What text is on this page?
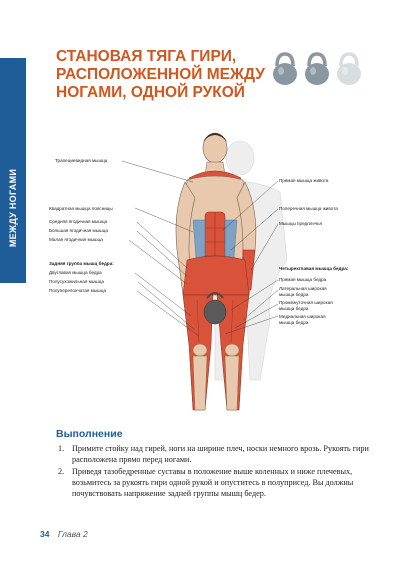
МЕЖДУ НОГАМИ
СТАНОВАЯ ТЯГА ГИРИ, РАСПОЛОЖЕННОЙ МЕЖДУ НОГАМИ, ОДНОЙ РУКОЙ
Трапециевидная мышца
Квадратная мышца поясницы
Средняя ягодичная мышца
Большая ягодичная мышца
Малая ягодичная мышца
Задняя группа мышц бедра:
Двуглавая мышца бедра
Полусухожильная мышца
Полуперепончатая мышца
Прямая мышца живота
Поперечная мышца живота
Мышцы предплечья
Четырехглавая мышца бедра:
Прямая мышца бедра
Латеральная широкая
мышца бедра
Промежуточная широкая
мышца бедра
Медиальная широкая
мышца бедра
Выполнение
1. Примите стойку над гирей, ноги на ширине плеч, носки немного врозь. Рукоять гири расположена прямо перед ногами.
2. Приведя тазобедренные суставы в положение выше коленных и ниже плечевых, возьмитесь за рукоять гири одной рукой и опуститесь в полуприсед. Вы должны почувствовать напряжение задней группы мышц бедер.
34 Глава 2
